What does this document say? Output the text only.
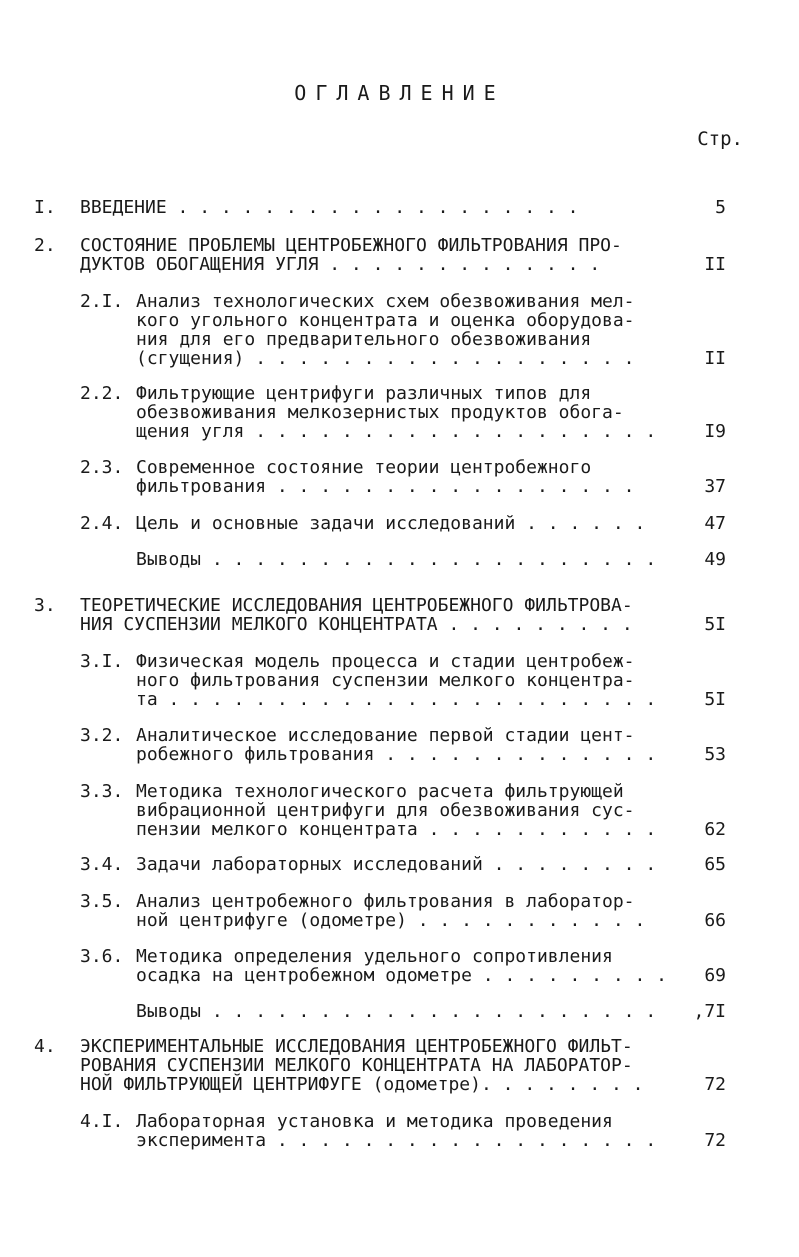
ОГЛАВЛЕНИЕ
Стр.
I. ВВЕДЕНИЕ . . . . . . . . . . . . . . . . . . .	5
2. СОСТОЯНИЕ ПРОБЛЕМЫ ЦЕНТРОБЕЖНОГО ФИЛЬТРОВАНИЯ ПРО-
ДУКТОВ ОБОГАЩЕНИЯ УГЛЯ . . . . . . . . . . . . .	II
2.I. Анализ технологических схем обезвоживания мел-
кого угольного концентрата и оценка оборудова-
ния для его предварительного обезвоживания
(сгущения) . . . . . . . . . . . . . . . . . .	II
2.2. Фильтрующие центрифуги различных типов для
обезвоживания мелкозернистых продуктов обога-
щения угля . . . . . . . . . . . . . . . . . . .	I9
2.3. Современное состояние теории центробежного
фильтрования . . . . . . . . . . . . . . . . .	37
2.4. Цель и основные задачи исследований . . . . . .	47
Выводы . . . . . . . . . . . . . . . . . . . . .	49
3. ТЕОРЕТИЧЕСКИЕ ИССЛЕДОВАНИЯ ЦЕНТРОБЕЖНОГО ФИЛЬТРОВА-
НИЯ СУСПЕНЗИИ МЕЛКОГО КОНЦЕНТРАТА . . . . . . . . .	5I
3.I. Физическая модель процесса и стадии центробеж-
ного фильтрования суспензии мелкого концентра-
та . . . . . . . . . . . . . . . . . . . . . . .	5I
3.2. Аналитическое исследование первой стадии цент-
робежного фильтрования . . . . . . . . . . . . .	53
3.3. Методика технологического расчета фильтрующей
вибрационной центрифуги для обезвоживания сус-
пензии мелкого концентрата . . . . . . . . . . .	62
3.4. Задачи лабораторных исследований . . . . . . . .	65
3.5. Анализ центробежного фильтрования в лаборатор-
ной центрифуге (одометре) . . . . . . . . . . .	66
3.6. Методика определения удельного сопротивления
осадка на центробежном одометре . . . . . . . . .	69
Выводы . . . . . . . . . . . . . . . . . . . . .	,7I
4. ЭКСПЕРИМЕНТАЛЬНЫЕ ИССЛЕДОВАНИЯ ЦЕНТРОБЕЖНОГО ФИЛЬТ-
РОВАНИЯ СУСПЕНЗИИ МЕЛКОГО КОНЦЕНТРАТА НА ЛАБОРАТОР-
НОЙ ФИЛЬТРУЮЩЕЙ ЦЕНТРИФУГЕ (одометре). . . . . . . .	72
4.I. Лабораторная установка и методика проведения
эксперимента . . . . . . . . . . . . . . . . . .	72
